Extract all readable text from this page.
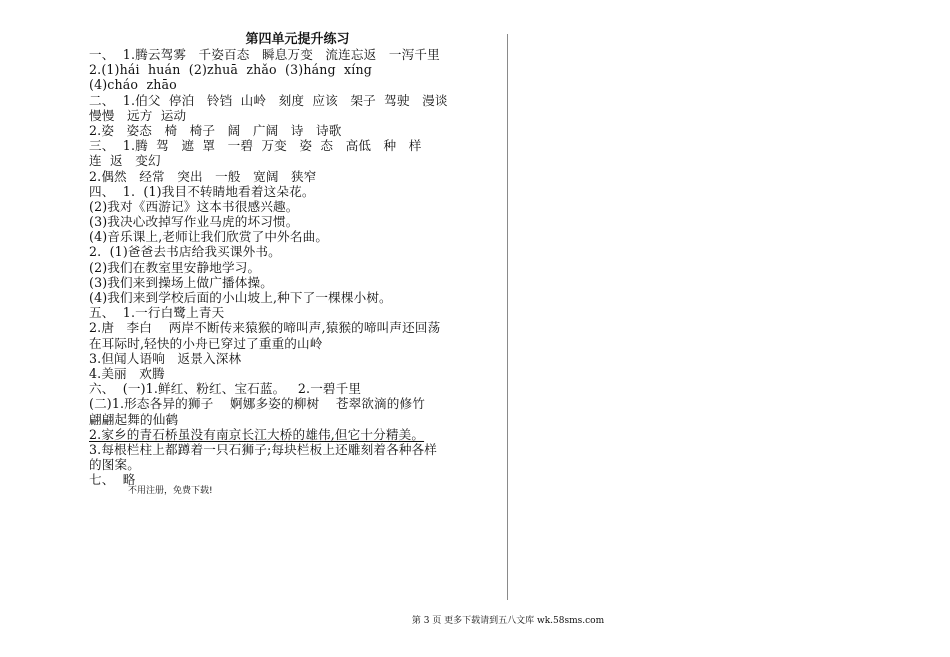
第四单元提升练习
一、  1.腾云驾雾   千姿百态   瞬息万变   流连忘返   一泻千里
2.(1)hái  huán  (2)zhuā  zhǎo  (3)háng  xíng
(4)cháo  zhāo
二、  1.伯父  停泊   铃铛  山岭   刻度  应该   架子  驾驶   漫谈
慢慢   远方  运动
2.姿   姿态   椅   椅子   阔   广阔   诗   诗歌
三、  1.腾  驾   遮  罩   一碧  万变   姿  态   高低   种   样
连  返   变幻
2.偶然   经常   突出   一般   宽阔   狭窄
四、  1.  (1)我目不转睛地看着这朵花。
(2)我对《西游记》这本书很感兴趣。
(3)我决心改掉写作业马虎的坏习惯。
(4)音乐课上,老师让我们欣赏了中外名曲。
2.  (1)爸爸去书店给我买课外书。
(2)我们在教室里安静地学习。
(3)我们来到操场上做广播体操。
(4)我们来到学校后面的小山坡上,种下了一棵棵小树。
五、  1.一行白鹭上青天
2.唐   李白    两岸不断传来猿猴的啼叫声,猿猴的啼叫声还回荡
在耳际时,轻快的小舟已穿过了重重的山岭
3.但闻人语响   返景入深林
4.美丽   欢腾
六、  (一)1.鲜红、粉红、宝石蓝。   2.一碧千里
(二)1.形态各异的狮子    婀娜多姿的柳树    苍翠欲滴的修竹
翩翩起舞的仙鹤
2.家乡的青石桥虽没有南京长江大桥的雄伟,但它十分精美。
3.每根栏柱上都蹲着一只石狮子;每块栏板上还雕刻着各种各样
的图案。
七、  略
不用注册，免费下载!
第 3 页 更多下载请到五八文库 wk.58sms.com
